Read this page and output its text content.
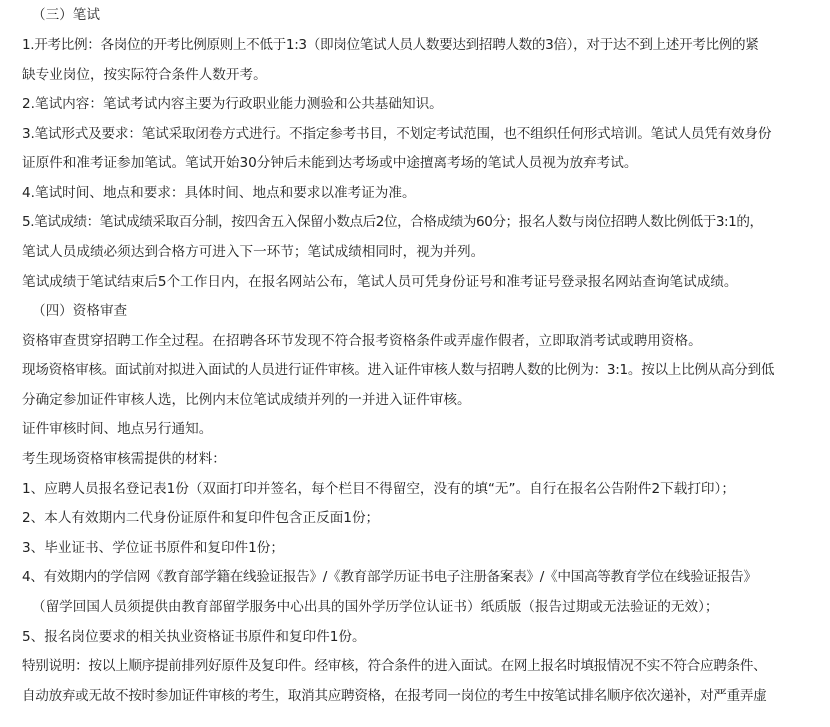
（三）笔试
1.开考比例：各岗位的开考比例原则上不低于1:3（即岗位笔试人员人数要达到招聘人数的3倍），对于达不到上述开考比例的紧
缺专业岗位，按实际符合条件人数开考。
2.笔试内容：笔试考试内容主要为行政职业能力测验和公共基础知识。
3.笔试形式及要求：笔试采取闭卷方式进行。不指定参考书目，不划定考试范围，也不组织任何形式培训。笔试人员凭有效身份
证原件和准考证参加笔试。笔试开始30分钟后未能到达考场或中途擅离考场的笔试人员视为放弃考试。
4.笔试时间、地点和要求：具体时间、地点和要求以准考证为准。
5.笔试成绩：笔试成绩采取百分制，按四舍五入保留小数点后2位，合格成绩为60分；报名人数与岗位招聘人数比例低于3:1的，
笔试人员成绩必须达到合格方可进入下一环节；笔试成绩相同时，视为并列。
笔试成绩于笔试结束后5个工作日内，在报名网站公布，笔试人员可凭身份证号和准考证号登录报名网站查询笔试成绩。
（四）资格审查
资格审查贯穿招聘工作全过程。在招聘各环节发现不符合报考资格条件或弄虚作假者，立即取消考试或聘用资格。
现场资格审核。面试前对拟进入面试的人员进行证件审核。进入证件审核人数与招聘人数的比例为：3:1。按以上比例从高分到低
分确定参加证件审核人选，比例内末位笔试成绩并列的一并进入证件审核。
证件审核时间、地点另行通知。
考生现场资格审核需提供的材料：
1、应聘人员报名登记表1份（双面打印并签名，每个栏目不得留空，没有的填“无”。自行在报名公告附件2下载打印）；
2、本人有效期内二代身份证原件和复印件包含正反面1份；
3、毕业证书、学位证书原件和复印件1份；
4、有效期内的学信网《教育部学籍在线验证报告》/《教育部学历证书电子注册备案表》/《中国高等教育学位在线验证报告》
（留学回国人员须提供由教育部留学服务中心出具的国外学历学位认证书）纸质版（报告过期或无法验证的无效）；
5、报名岗位要求的相关执业资格证书原件和复印件1份。
特别说明：按以上顺序提前排列好原件及复印件。经审核，符合条件的进入面试。在网上报名时填报情况不实不符合应聘条件、
自动放弃或无故不按时参加证件审核的考生，取消其应聘资格，在报考同一岗位的考生中按笔试排名顺序依次递补，对严重弄虚
